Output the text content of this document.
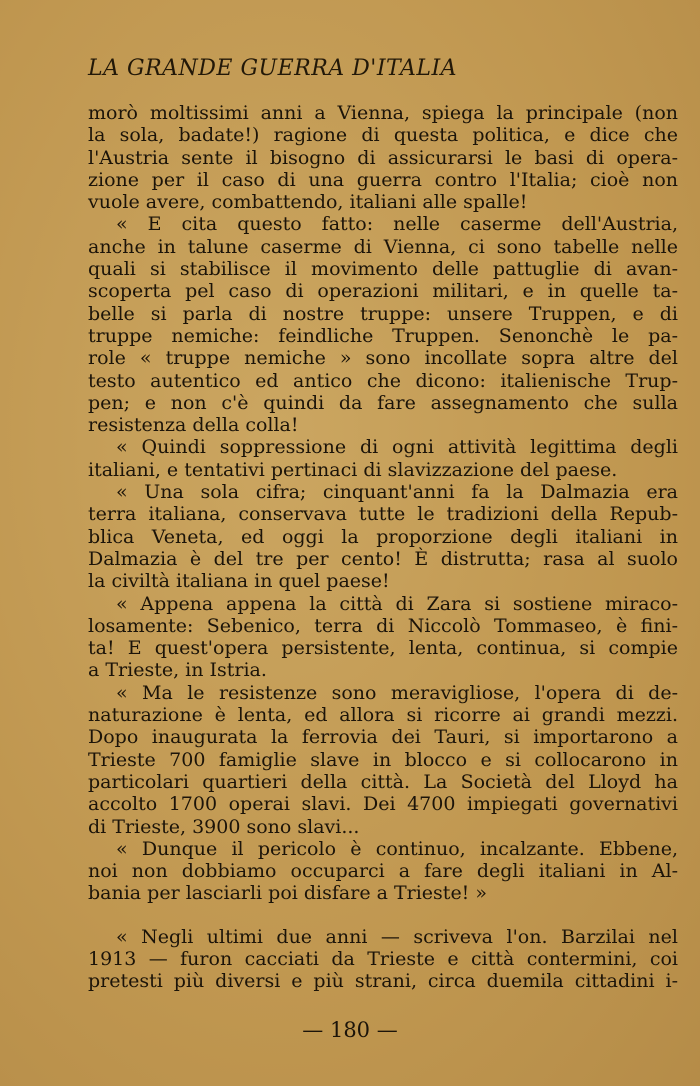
LA GRANDE GUERRA D'ITALIA
morò moltissimi anni a Vienna, spiega la principale (non
la sola, badate!) ragione di questa politica, e dice che
l'Austria sente il bisogno di assicurarsi le basi di opera-
zione per il caso di una guerra contro l'Italia; cioè non
vuole avere, combattendo, italiani alle spalle!
« E cita questo fatto: nelle caserme dell'Austria,
anche in talune caserme di Vienna, ci sono tabelle nelle
quali si stabilisce il movimento delle pattuglie di avan-
scoperta pel caso di operazioni militari, e in quelle ta-
belle si parla di nostre truppe: unsere Truppen, e di
truppe nemiche: feindliche Truppen. Senonchè le pa-
role « truppe nemiche » sono incollate sopra altre del
testo autentico ed antico che dicono: italienische Trup-
pen; e non c'è quindi da fare assegnamento che sulla
resistenza della colla!
« Quindi soppressione di ogni attività legittima degli
italiani, e tentativi pertinaci di slavizzazione del paese.
« Una sola cifra; cinquant'anni fa la Dalmazia era
terra italiana, conservava tutte le tradizioni della Repub-
blica Veneta, ed oggi la proporzione degli italiani in
Dalmazia è del tre per cento! È distrutta; rasa al suolo
la civiltà italiana in quel paese!
« Appena appena la città di Zara si sostiene miraco-
losamente: Sebenico, terra di Niccolò Tommaseo, è fini-
ta! E quest'opera persistente, lenta, continua, si compie
a Trieste, in Istria.
« Ma le resistenze sono meravigliose, l'opera di de-
naturazione è lenta, ed allora si ricorre ai grandi mezzi.
Dopo inaugurata la ferrovia dei Tauri, si importarono a
Trieste 700 famiglie slave in blocco e si collocarono in
particolari quartieri della città. La Società del Lloyd ha
accolto 1700 operai slavi. Dei 4700 impiegati governativi
di Trieste, 3900 sono slavi...
« Dunque il pericolo è continuo, incalzante. Ebbene,
noi non dobbiamo occuparci a fare degli italiani in Al-
bania per lasciarli poi disfare a Trieste! »
« Negli ultimi due anni — scriveva l'on. Barzilai nel
1913 — furon cacciati da Trieste e città contermini, coi
pretesti più diversi e più strani, circa duemila cittadini i-
— 180 —
